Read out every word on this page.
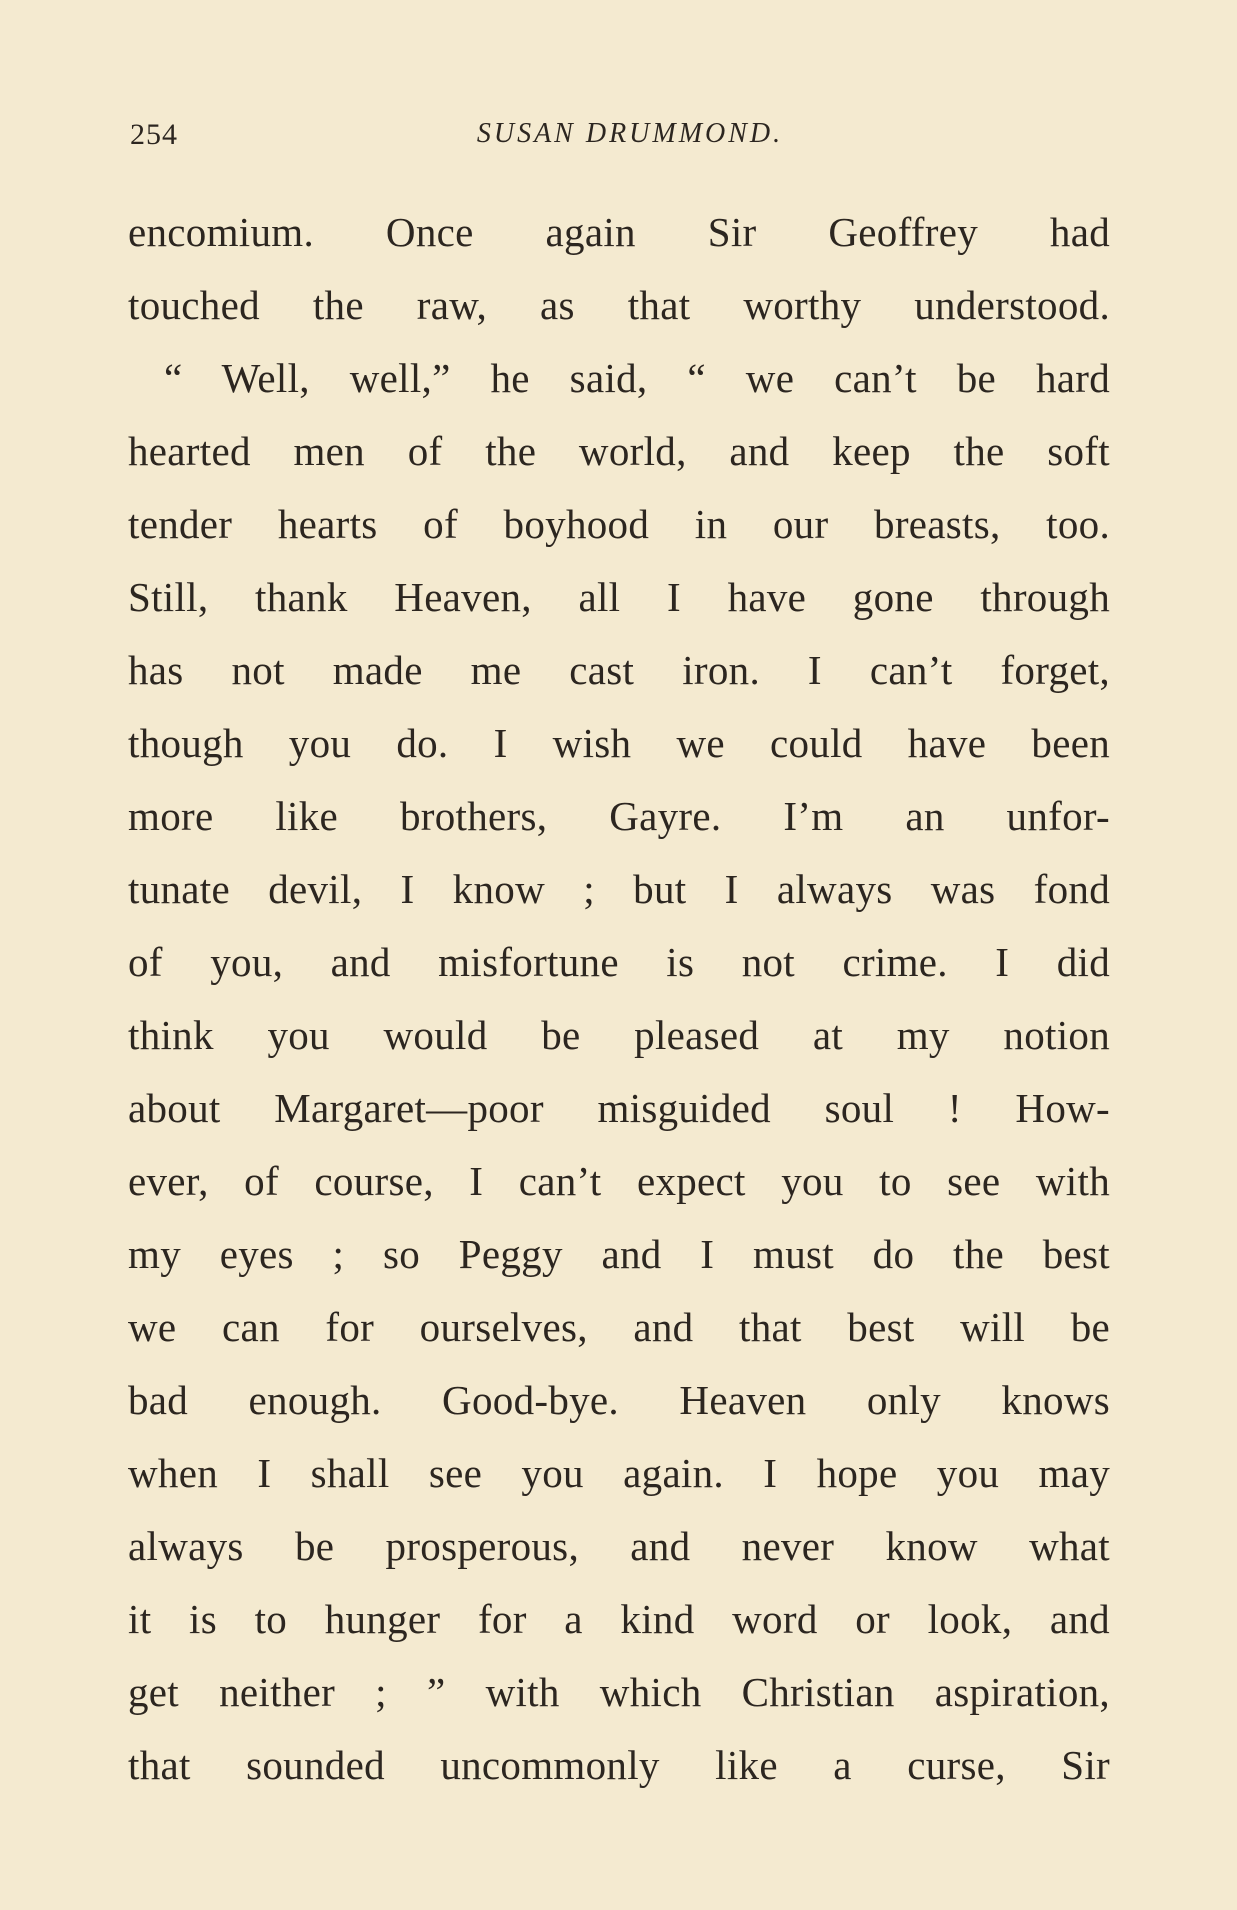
254	SUSAN DRUMMOND.
encomium. Once again Sir Geoffrey had
touched the raw, as that worthy understood.
“ Well, well,” he said, “ we can’t be hard
hearted men of the world, and keep the soft
tender hearts of boyhood in our breasts, too.
Still, thank Heaven, all I have gone through
has not made me cast iron. I can’t forget,
though you do. I wish we could have been
more like brothers, Gayre. I’m an unfor-
tunate devil, I know ; but I always was fond
of you, and misfortune is not crime. I did
think you would be pleased at my notion
about Margaret—poor misguided soul ! How-
ever, of course, I can’t expect you to see with
my eyes ; so Peggy and I must do the best
we can for ourselves, and that best will be
bad enough. Good-bye. Heaven only knows
when I shall see you again. I hope you may
always be prosperous, and never know what
it is to hunger for a kind word or look, and
get neither ; ” with which Christian aspiration,
that sounded uncommonly like a curse, Sir
